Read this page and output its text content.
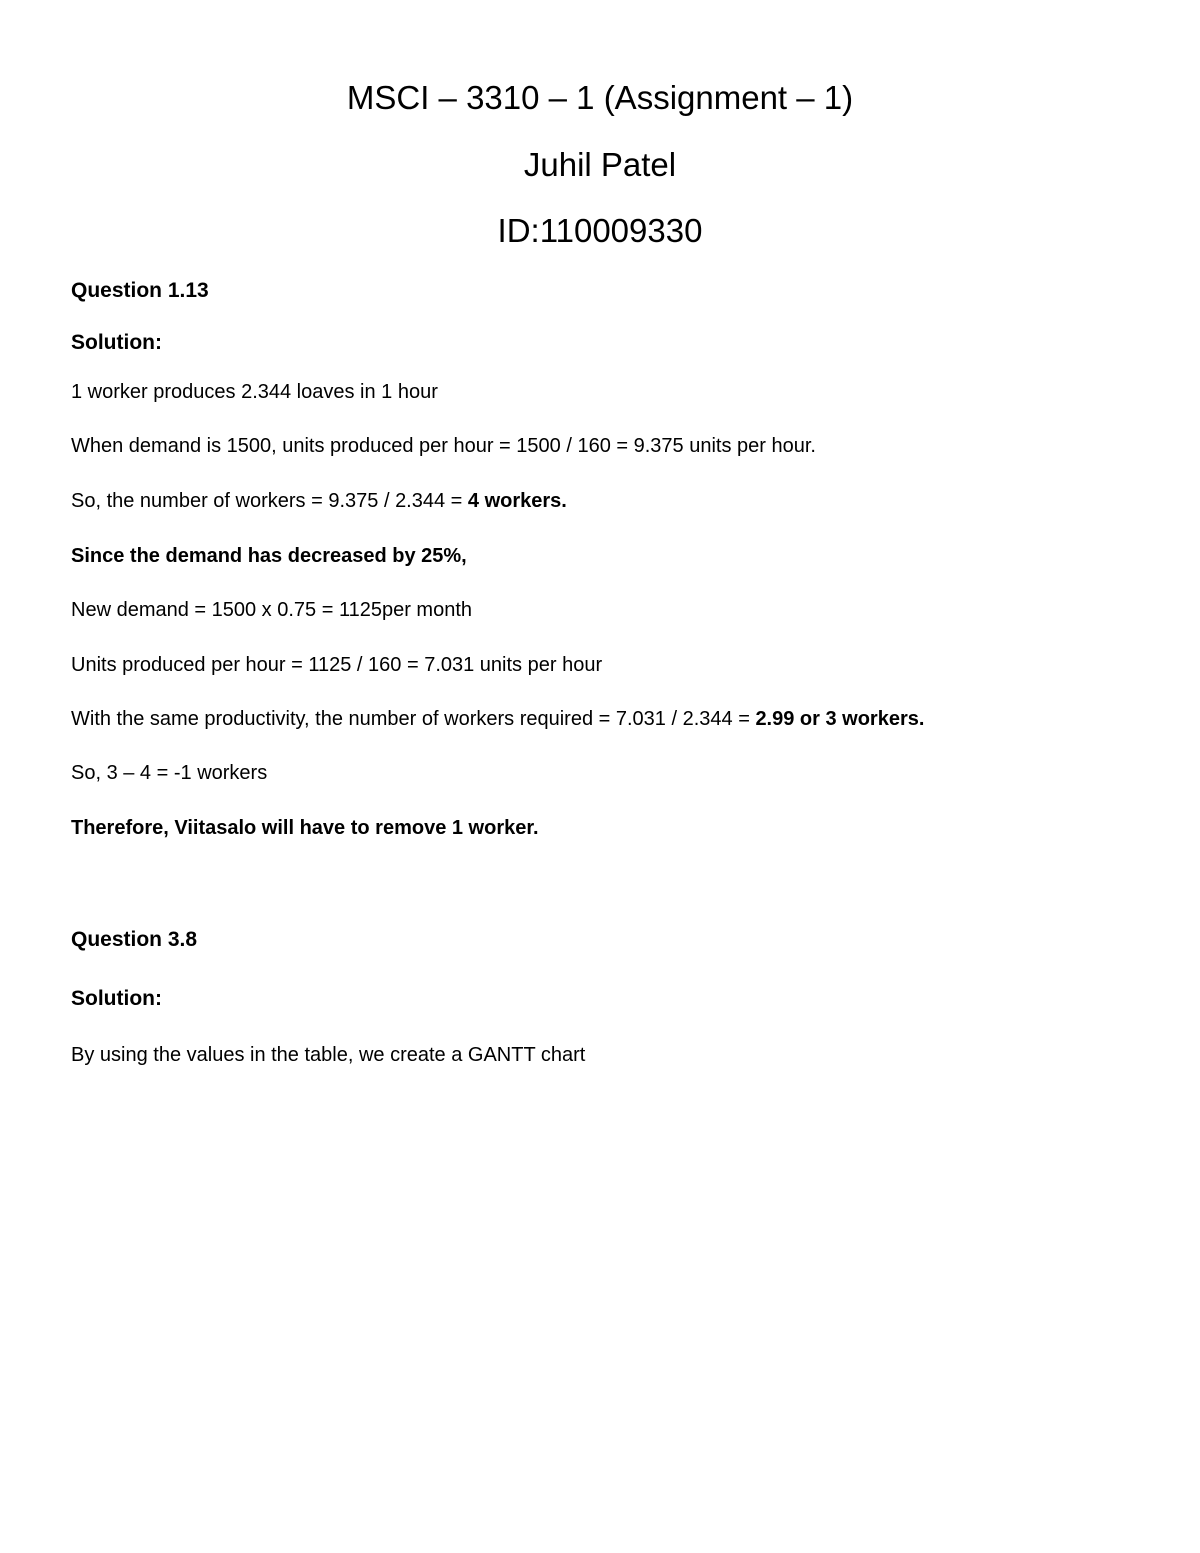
MSCI – 3310 – 1 (Assignment – 1)
Juhil Patel
ID:110009330
Question 1.13
Solution:
1 worker produces 2.344 loaves in 1 hour
When demand is 1500, units produced per hour = 1500 / 160 = 9.375 units per hour.
So, the number of workers = 9.375 / 2.344 = 4 workers.
Since the demand has decreased by 25%,
New demand = 1500 x 0.75 = 1125per month
Units produced per hour = 1125 / 160 = 7.031 units per hour
With the same productivity, the number of workers required = 7.031 / 2.344 = 2.99 or 3 workers.
So, 3 – 4 = -1 workers
Therefore, Viitasalo will have to remove 1 worker.
Question 3.8
Solution:
By using the values in the table, we create a GANTT chart
